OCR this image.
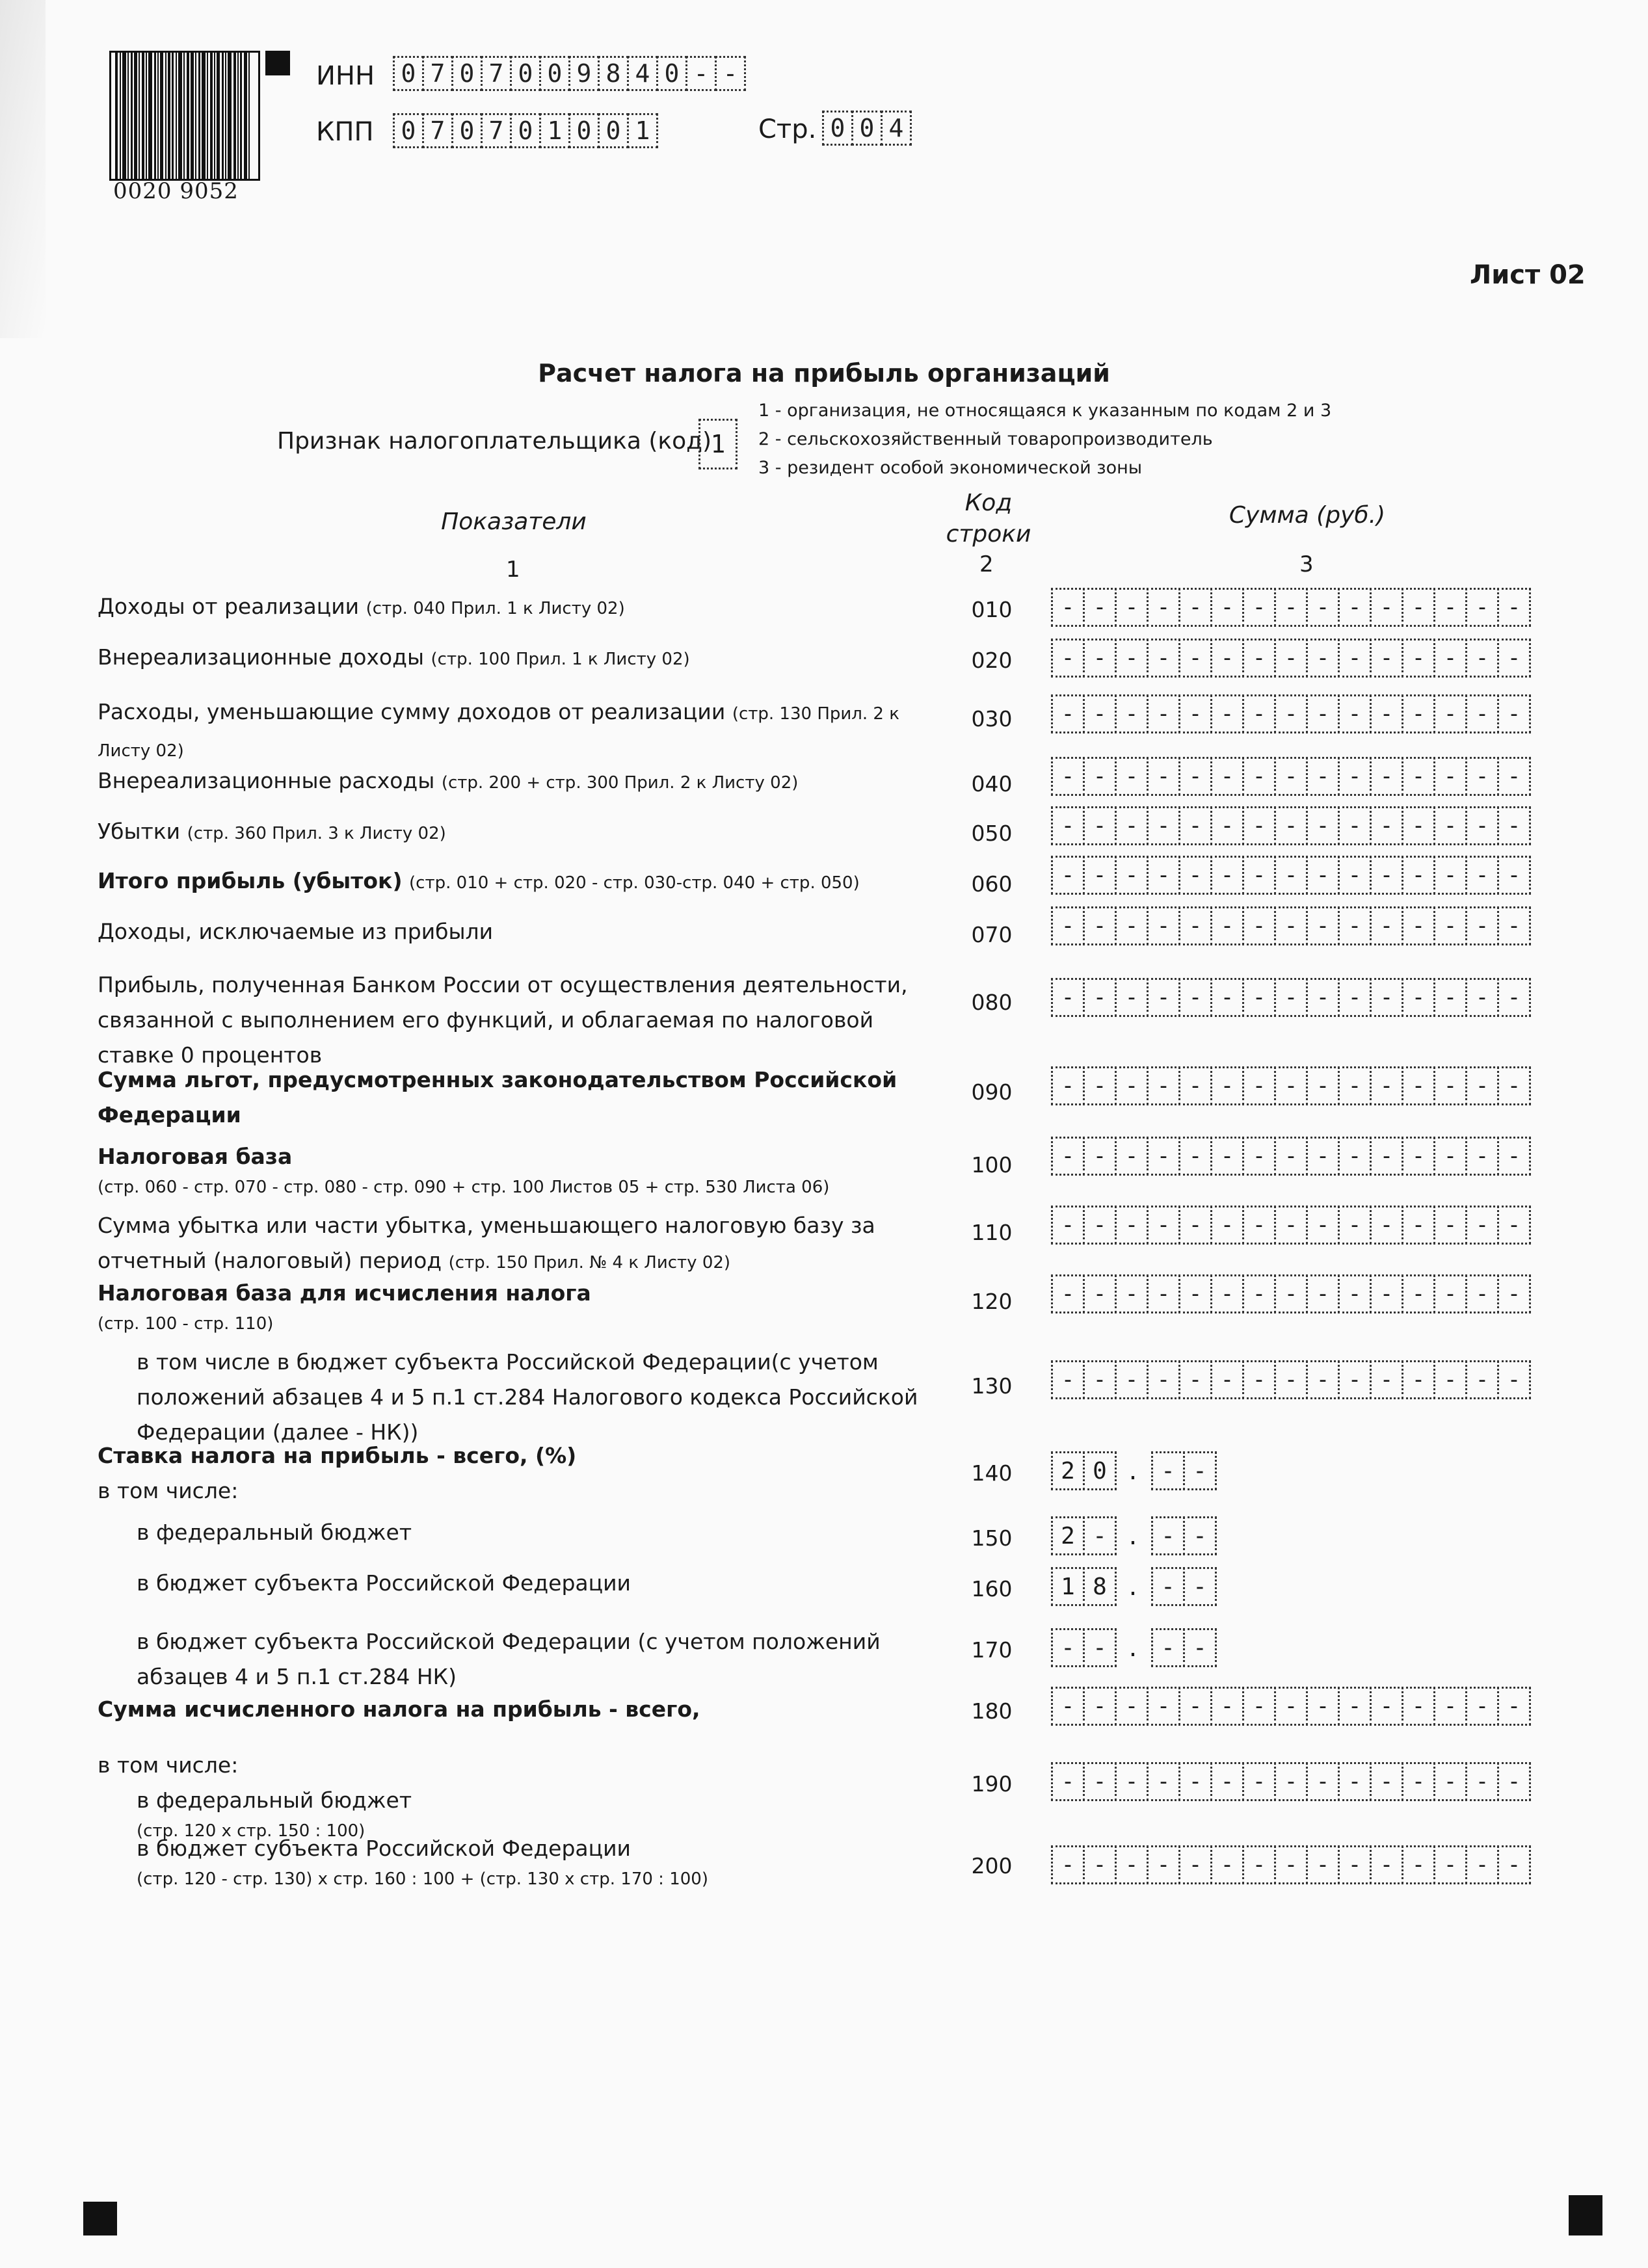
0020 9052
ИНН	0 7 0 7 0 0 9 8 4 0 - -
КПП	0 7 0 7 0 1 0 0 1	Стр. 0 0 4
Лист 02
Расчет налога на прибыль организаций
Признак налогоплательщика (код)
1
1 - организация, не относящаяся к указанным по кодам 2 и 3
2 - сельскохозяйственный товаропроизводитель
3 - резидент особой экономической зоны
Показатели
Код
строки
Сумма (руб.)
1	2	3
Доходы от реализации (стр. 040 Прил. 1 к Листу 02)	010	- - - - - - - - - - - - - - -
Внереализационные доходы (стр. 100 Прил. 1 к Листу 02)	020	- - - - - - - - - - - - - - -
Расходы, уменьшающие сумму доходов от реализации (стр. 130 Прил. 2 к Листу 02)
030	- - - - - - - - - - - - - - -
Внереализационные расходы (стр. 200 + стр. 300 Прил. 2 к Листу 02)	040	- - - - - - - - - - - - - - -
Убытки (стр. 360 Прил. 3 к Листу 02)	050	- - - - - - - - - - - - - - -
Итого прибыль (убыток) (стр. 010 + стр. 020 - стр. 030-стр. 040 + стр. 050)	060	- - - - - - - - - - - - - - -
Доходы, исключаемые из прибыли	070	- - - - - - - - - - - - - - -
Прибыль, полученная Банком России от осуществления деятельности, связанной с выполнением его функций, и облагаемая по налоговой ставке 0 процентов
080	- - - - - - - - - - - - - - -
Сумма льгот, предусмотренных законодательством Российской Федерации
090	- - - - - - - - - - - - - - -
Налоговая база
(стр. 060 - стр. 070 - стр. 080 - стр. 090 + стр. 100 Листов 05 + стр. 530 Листа 06)
100	- - - - - - - - - - - - - - -
Сумма убытка или части убытка, уменьшающего налоговую базу за отчетный (налоговый) период (стр. 150 Прил. № 4 к Листу 02)
110	- - - - - - - - - - - - - - -
Налоговая база для исчисления налога
(стр. 100 - стр. 110)
120	- - - - - - - - - - - - - - -
в том числе в бюджет субъекта Российской Федерации(с учетом положений абзацев 4 и 5 п.1 ст.284 Налогового кодекса Российской Федерации (далее - НК))
130	- - - - - - - - - - - - - - -
Ставка налога на прибыль - всего, (%)
в том числе:
140	2 0 .	- -
в федеральный бюджет	150	2 - .	- -
в бюджет субъекта Российской Федерации	160	1 8 .	- -
в бюджет субъекта Российской Федерации (с учетом положений абзацев 4 и 5 п.1 ст.284 НК)
170	- - .	- -
Сумма исчисленного налога на прибыль - всего,	180	- - - - - - - - - - - - - - -
в том числе:
в федеральный бюджет
(стр. 120 х стр. 150 : 100)
190	- - - - - - - - - - - - - - -
в бюджет субъекта Российской Федерации
(стр. 120 - стр. 130) х стр. 160 : 100 + (стр. 130 х стр. 170 : 100)
200	- - - - - - - - - - - - - - -
